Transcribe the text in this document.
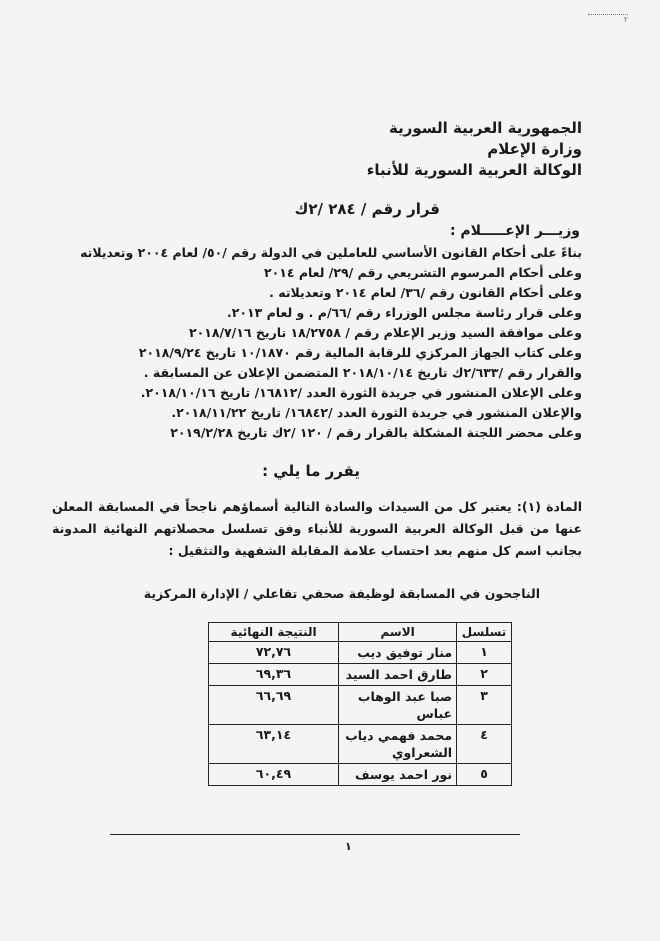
٢
الجمهورية العربية السورية
وزارة الإعلام
الوكالة العربية السورية للأنباء
قرار رقم / ٢٨٤ /٢ك
وزيـــر الإعـــــلام :
بناءً على أحكام القانون الأساسي للعاملين في الدولة رقم /٥٠/ لعام ٢٠٠٤ وتعديلاته
وعلى أحكام المرسوم التشريعي رقم /٢٩/ لعام ٢٠١٤
وعلى أحكام القانون رقم /٣٦/ لعام ٢٠١٤ وتعديلاته .
وعلى قرار رئاسة مجلس الوزراء رقم /٦٦/م . و لعام ٢٠١٣.
وعلى موافقة السيد وزير الإعلام رقم / ١٨/٢٧٥٨ تاريخ ٢٠١٨/٧/١٦
وعلى كتاب الجهاز المركزي للرقابة المالية رقم ١٠/١٨٧٠ تاريخ ٢٠١٨/٩/٢٤
والقرار رقم /٢/٦٣٣ك تاريخ ٢٠١٨/١٠/١٤ المتضمن الإعلان عن المسابقة .
وعلى الإعلان المنشور في جريدة الثورة العدد /١٦٨١٢/ تاريخ ٢٠١٨/١٠/١٦.
والإعلان المنشور في جريدة الثورة العدد /١٦٨٤٢/ تاريخ ٢٠١٨/١١/٢٢.
وعلى محضر اللجنة المشكلة بالقرار رقم / ١٢٠ /٢ك تاريخ ٢٠١٩/٢/٢٨
يقرر ما يلي :
المادة (١): يعتبر كل من السيدات والسادة التالية أسماؤهم ناجحاً في المسابقة المعلن عنها من قبل الوكالة العربية السورية للأنباء وفق تسلسل محصلاتهم النهائية المدونة بجانب اسم كل منهم بعد احتساب علامة المقابلة الشفهية والتثقيل :
الناجحون في المسابقة لوظيفة صحفي تفاعلي / الإدارة المركزية
تسلسل	الاسم	النتيجة النهائية
١	منار توفيق ديب	٧٢,٧٦
٢	طارق احمد السيد	٦٩,٣٦
٣	صبا عبد الوهاب عباس	٦٦,٦٩
٤	محمد فهمي دياب الشعراوي	٦٣,١٤
٥	نور احمد يوسف	٦٠,٤٩
١
